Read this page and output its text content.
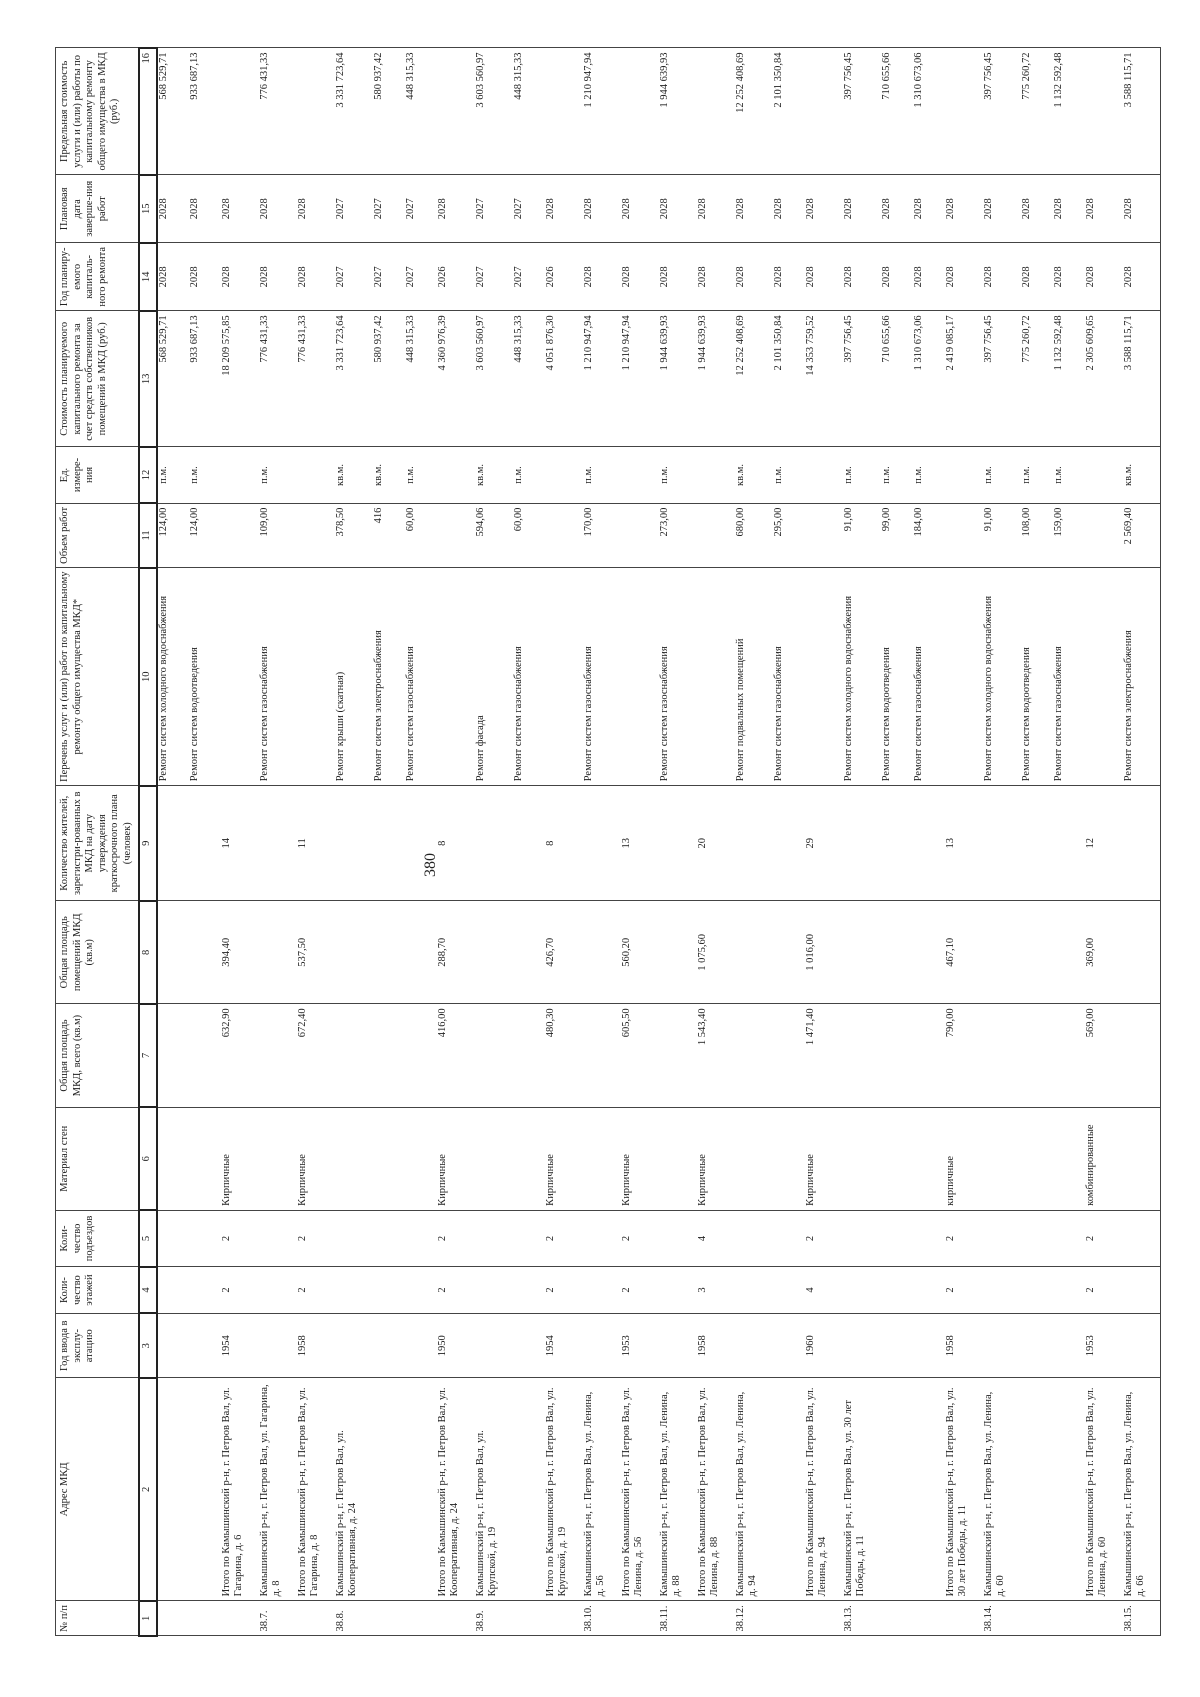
380
№ п/п	Адрес МКД	Год ввода в эксплу-атацию	Коли-чество этажей	Коли-чество подъездов	Материал стен	Общая площадь МКД, всего (кв.м)	Общая площадь помещений МКД (кв.м)	Количество жителей, зарегистри-рованных в МКД на дату утверждения краткосрочного плана (человек)	Перечень услуг и (или) работ по капитальному ремонту общего имущества МКД*	Объем работ	Ед. измере-ния	Стоимость планируемого капитального ремонта за счет средств собственников помещений в МКД (руб.)	Год планиру-емого капиталь-ного ремонта	Плановая дата заверше-ния работ	Предельная стоимость услуги и (или) работы по капитальному ремонту общего имущества в МКД (руб.)
1	2	3	4	5	6	7	8	9	10	11	12	13	14	15	16
									Ремонт систем холодного водоснабжения	124,00	п.м.	568 529,71	2028	2028	568 529,71
									Ремонт систем водоотведения	124,00	п.м.	933 687,13	2028	2028	933 687,13
	Итого по Камышинский р-н, г. Петров Вал, ул. Гагарина, д. 6	1954	2	2	Кирпичные	632,90	394,40	14				18 209 575,85	2028	2028	
38.7.	Камышинский р-н, г. Петров Вал, ул. Гагарина, д. 8								Ремонт систем газоснабжения	109,00	п.м.	776 431,33	2028	2028	776 431,33
	Итого по Камышинский р-н, г. Петров Вал, ул. Гагарина, д. 8	1958	2	2	Кирпичные	672,40	537,50	11				776 431,33	2028	2028	
38.8.	Камышинский р-н, г. Петров Вал, ул. Кооперативная, д. 24								Ремонт крыши (скатная)	378,50	кв.м.	3 331 723,64	2027	2027	3 331 723,64
									Ремонт систем электроснабжения	416	кв.м.	580 937,42	2027	2027	580 937,42
									Ремонт систем газоснабжения	60,00	п.м.	448 315,33	2027	2027	448 315,33
	Итого по Камышинский р-н, г. Петров Вал, ул. Кооперативная, д. 24	1950	2	2	Кирпичные	416,00	288,70	8				4 360 976,39	2026	2028	
38.9.	Камышинский р-н, г. Петров Вал, ул. Крупской, д. 19								Ремонт фасада	594,06	кв.м.	3 603 560,97	2027	2027	3 603 560,97
									Ремонт систем газоснабжения	60,00	п.м.	448 315,33	2027	2027	448 315,33
	Итого по Камышинский р-н, г. Петров Вал, ул. Крупской, д. 19	1954	2	2	Кирпичные	480,30	426,70	8				4 051 876,30	2026	2028	
38.10.	Камышинский р-н, г. Петров Вал, ул. Ленина, д. 56								Ремонт систем газоснабжения	170,00	п.м.	1 210 947,94	2028	2028	1 210 947,94
	Итого по Камышинский р-н, г. Петров Вал, ул. Ленина, д. 56	1953	2	2	Кирпичные	605,50	560,20	13				1 210 947,94	2028	2028	
38.11.	Камышинский р-н, г. Петров Вал, ул. Ленина, д. 88								Ремонт систем газоснабжения	273,00	п.м.	1 944 639,93	2028	2028	1 944 639,93
	Итого по Камышинский р-н, г. Петров Вал, ул. Ленина, д. 88	1958	3	4	Кирпичные	1 543,40	1 075,60	20				1 944 639,93	2028	2028	
38.12.	Камышинский р-н, г. Петров Вал, ул. Ленина, д. 94								Ремонт подвальных помещений	680,00	кв.м.	12 252 408,69	2028	2028	12 252 408,69
									Ремонт систем газоснабжения	295,00	п.м.	2 101 350,84	2028	2028	2 101 350,84
	Итого по Камышинский р-н, г. Петров Вал, ул. Ленина, д. 94	1960	4	2	Кирпичные	1 471,40	1 016,00	29				14 353 759,52	2028	2028	
38.13.	Камышинский р-н, г. Петров Вал, ул. 30 лет Победы, д. 11								Ремонт систем холодного водоснабжения	91,00	п.м.	397 756,45	2028	2028	397 756,45
									Ремонт систем водоотведения	99,00	п.м.	710 655,66	2028	2028	710 655,66
									Ремонт систем газоснабжения	184,00	п.м.	1 310 673,06	2028	2028	1 310 673,06
	Итого по Камышинский р-н, г. Петров Вал, ул. 30 лет Победы, д. 11	1958	2	2	кирпичные	790,00	467,10	13				2 419 085,17	2028	2028	
38.14.	Камышинский р-н, г. Петров Вал, ул. Ленина, д. 60								Ремонт систем холодного водоснабжения	91,00	п.м.	397 756,45	2028	2028	397 756,45
									Ремонт систем водоотведения	108,00	п.м.	775 260,72	2028	2028	775 260,72
									Ремонт систем газоснабжения	159,00	п.м.	1 132 592,48	2028	2028	1 132 592,48
	Итого по Камышинский р-н, г. Петров Вал, ул. Ленина, д. 60	1953	2	2	комбинированные	569,00	369,00	12				2 305 609,65	2028	2028	
38.15.	Камышинский р-н, г. Петров Вал, ул. Ленина, д. 66								Ремонт систем электроснабжения	2 569,40	кв.м.	3 588 115,71	2028	2028	3 588 115,71
